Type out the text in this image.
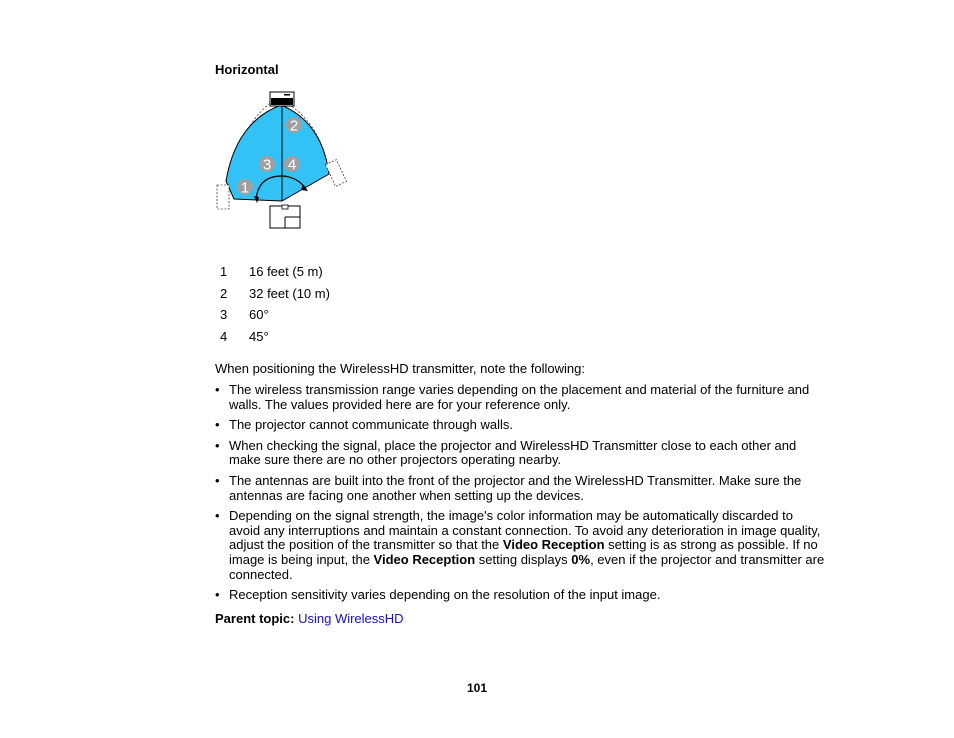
Horizontal
2
3 4
1
1	16 feet (5 m)
2	32 feet (10 m)
3	60°
4	45°
When positioning the WirelessHD transmitter, note the following:
• The wireless transmission range varies depending on the placement and material of the furniture and walls. The values provided here are for your reference only.
• The projector cannot communicate through walls.
• When checking the signal, place the projector and WirelessHD Transmitter close to each other and make sure there are no other projectors operating nearby.
• The antennas are built into the front of the projector and the WirelessHD Transmitter. Make sure the antennas are facing one another when setting up the devices.
• Depending on the signal strength, the image's color information may be automatically discarded to avoid any interruptions and maintain a constant connection. To avoid any deterioration in image quality, adjust the position of the transmitter so that the Video Reception setting is as strong as possible. If no image is being input, the Video Reception setting displays 0%, even if the projector and transmitter are connected.
• Reception sensitivity varies depending on the resolution of the input image.
Parent topic: Using WirelessHD
101
